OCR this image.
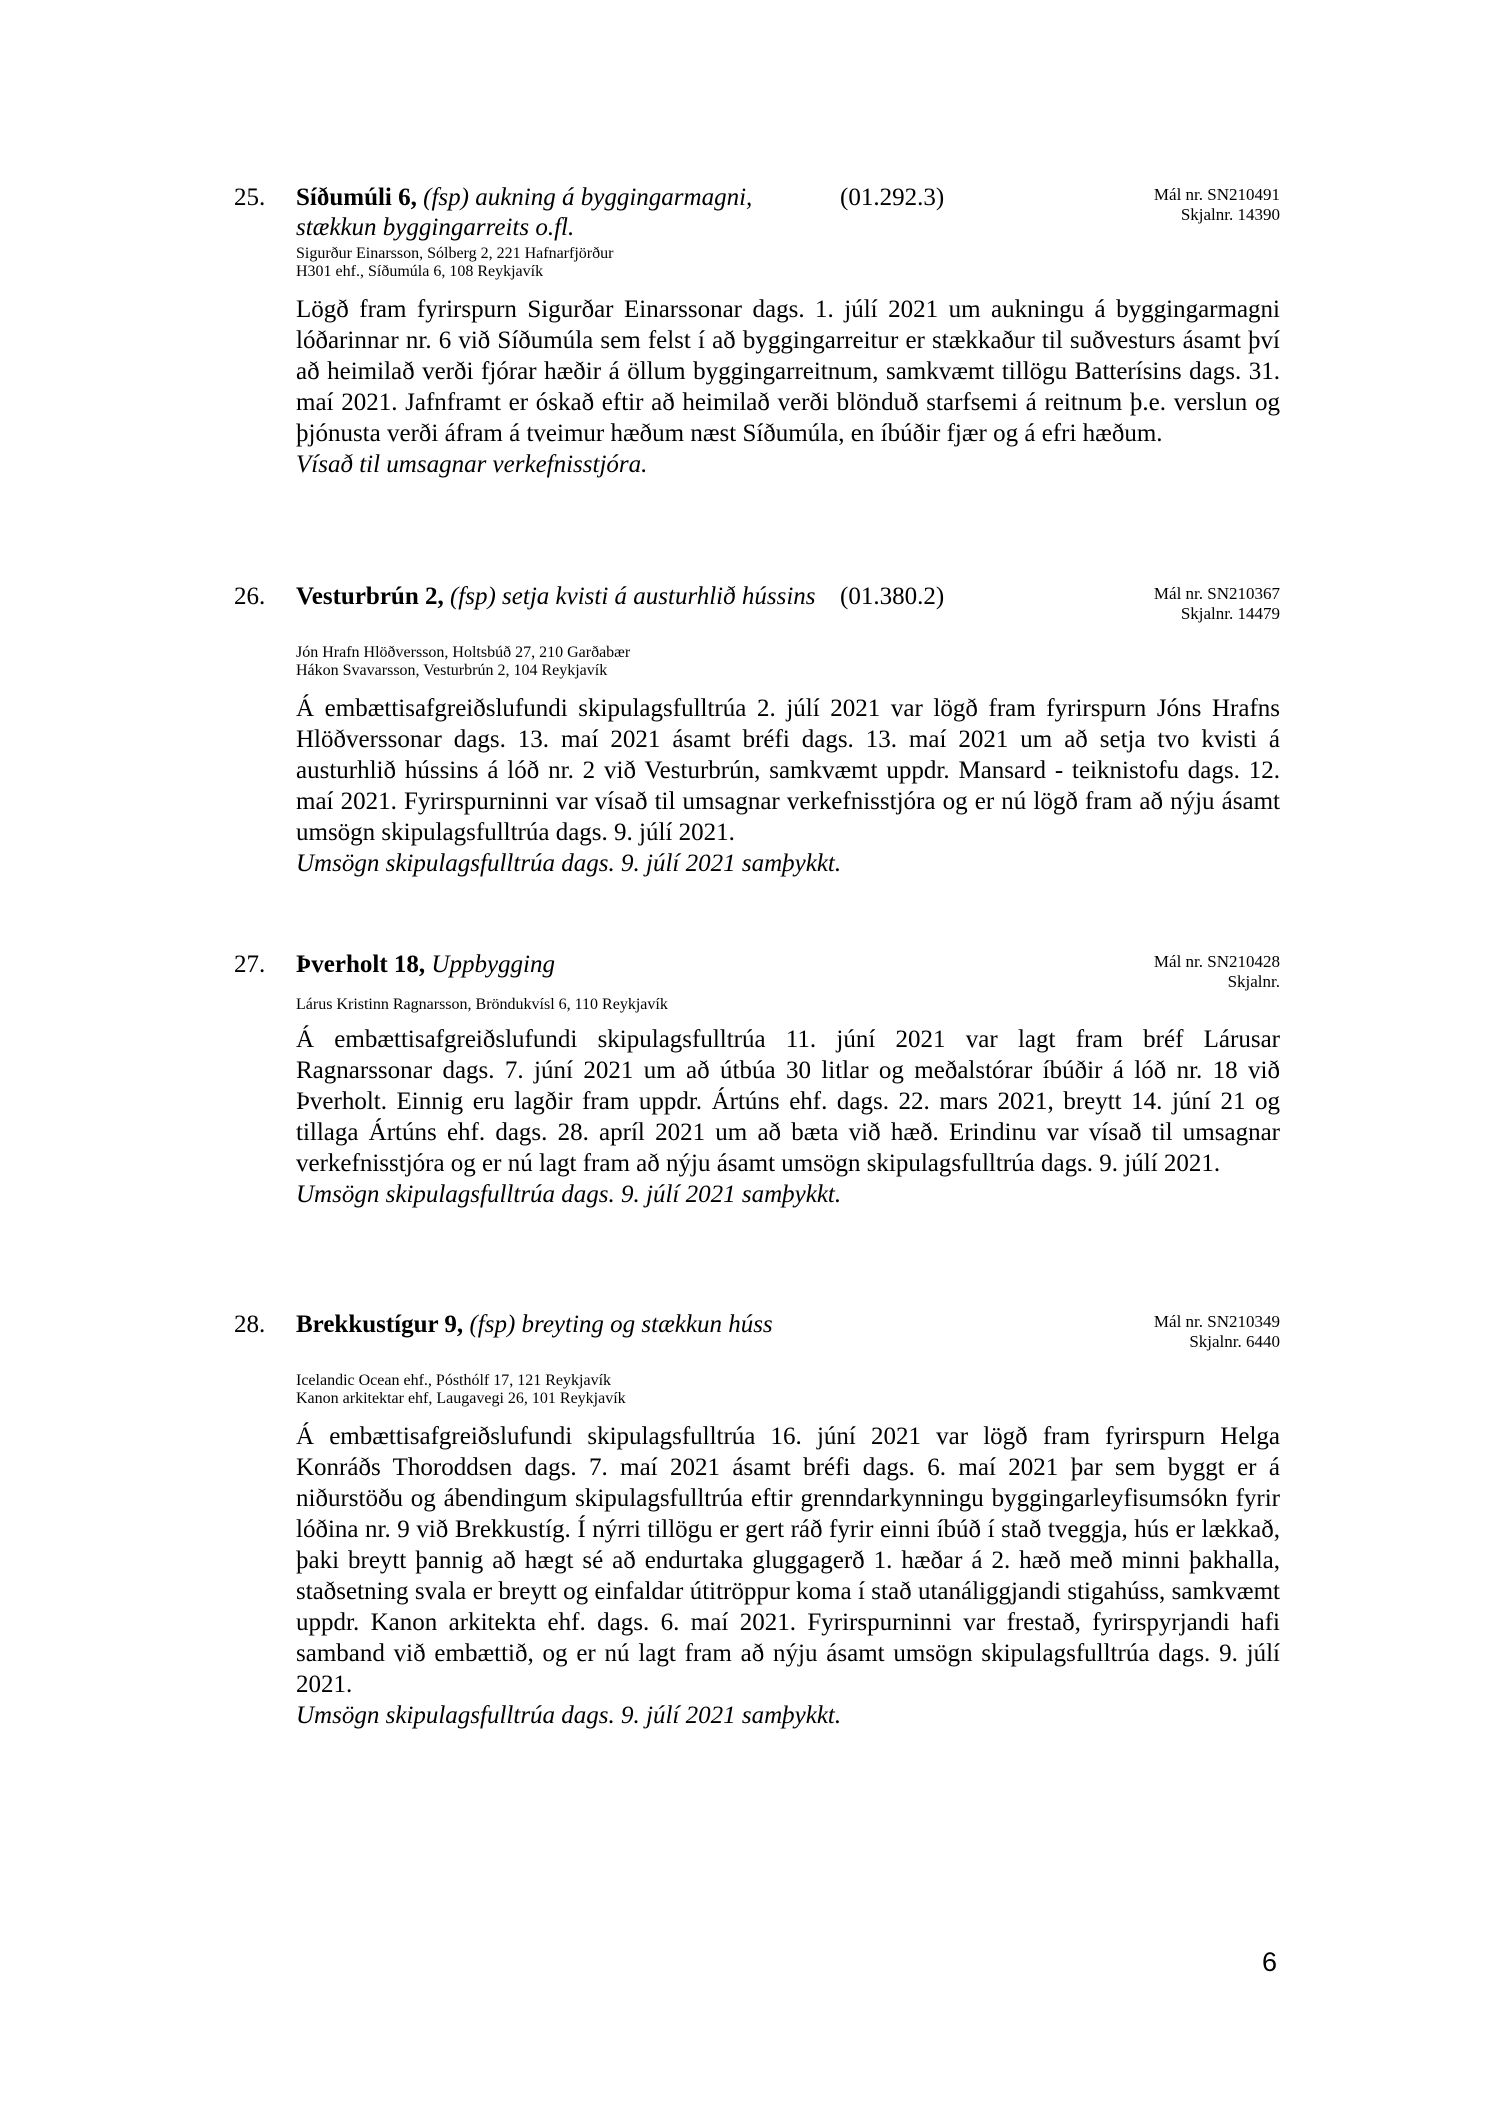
25. Síðumúli 6, (fsp) aukning á byggingarmagni, stækkun byggingarreits o.fl.
(01.292.3)	Mál nr. SN210491
Skjalnr. 14390
Sigurður Einarsson, Sólberg 2, 221 Hafnarfjörður
H301 ehf., Síðumúla 6, 108 Reykjavík

Lögð fram fyrirspurn Sigurðar Einarssonar dags. 1. júlí 2021 um aukningu á byggingarmagni lóðarinnar nr. 6 við Síðumúla sem felst í að byggingarreitur er stækkaður til suðvesturs ásamt því að heimilað verði fjórar hæðir á öllum byggingarreitnum, samkvæmt tillögu Batterísins dags. 31. maí 2021. Jafnframt er óskað eftir að heimilað verði blönduð starfsemi á reitnum þ.e. verslun og þjónusta verði áfram á tveimur hæðum næst Síðumúla, en íbúðir fjær og á efri hæðum.

Vísað til umsagnar verkefnisstjóra.

26. Vesturbrún 2, (fsp) setja kvisti á austurhlið hússins (01.380.2)	Mál nr. SN210367
Skjalnr. 14479
Jón Hrafn Hlöðversson, Holtsbúð 27, 210 Garðabær
Hákon Svavarsson, Vesturbrún 2, 104 Reykjavík

Á embættisafgreiðslufundi skipulagsfulltrúa 2. júlí 2021 var lögð fram fyrirspurn Jóns Hrafns Hlöðverssonar dags. 13. maí 2021 ásamt bréfi dags. 13. maí 2021 um að setja tvo kvisti á austurhlið hússins á lóð nr. 2 við Vesturbrún, samkvæmt uppdr. Mansard - teiknistofu dags. 12. maí 2021. Fyrirspurninni var vísað til umsagnar verkefnisstjóra og er nú lögð fram að nýju ásamt umsögn skipulagsfulltrúa dags. 9. júlí 2021.

Umsögn skipulagsfulltrúa dags. 9. júlí 2021 samþykkt.

27. Þverholt 18, Uppbygging	Mál nr. SN210428
Skjalnr.
Lárus Kristinn Ragnarsson, Bröndukvísl 6, 110 Reykjavík

Á embættisafgreiðslufundi skipulagsfulltrúa 11. júní 2021 var lagt fram bréf Lárusar Ragnarssonar dags. 7. júní 2021 um að útbúa 30 litlar og meðalstórar íbúðir á lóð nr. 18 við Þverholt. Einnig eru lagðir fram uppdr. Ártúns ehf. dags. 22. mars 2021, breytt 14. júní 21 og tillaga Ártúns ehf. dags. 28. apríl 2021 um að bæta við hæð. Erindinu var vísað til umsagnar verkefnisstjóra og er nú lagt fram að nýju ásamt umsögn skipulagsfulltrúa dags. 9. júlí 2021.

Umsögn skipulagsfulltrúa dags. 9. júlí 2021 samþykkt.

28. Brekkustígur 9, (fsp) breyting og stækkun húss	Mál nr. SN210349
Skjalnr. 6440
Icelandic Ocean ehf., Pósthólf 17, 121 Reykjavík
Kanon arkitektar ehf, Laugavegi 26, 101 Reykjavík

Á embættisafgreiðslufundi skipulagsfulltrúa 16. júní 2021 var lögð fram fyrirspurn Helga Konráðs Thoroddsen dags. 7. maí 2021 ásamt bréfi dags. 6. maí 2021 þar sem byggt er á niðurstöðu og ábendingum skipulagsfulltrúa eftir grenndarkynningu byggingarleyfisumsókn fyrir lóðina nr. 9 við Brekkustíg. Í nýrri tillögu er gert ráð fyrir einni íbúð í stað tveggja, hús er lækkað, þaki breytt þannig að hægt sé að endurtaka gluggagerð 1. hæðar á 2. hæð með minni þakhalla, staðsetning svala er breytt og einfaldar útitröppur koma í stað utanáliggjandi stigahúss, samkvæmt uppdr. Kanon arkitekta ehf. dags. 6. maí 2021. Fyrirspurninni var frestað, fyrirspyrjandi hafi samband við embættið, og er nú lagt fram að nýju ásamt umsögn skipulagsfulltrúa dags. 9. júlí 2021.

Umsögn skipulagsfulltrúa dags. 9. júlí 2021 samþykkt.

6
